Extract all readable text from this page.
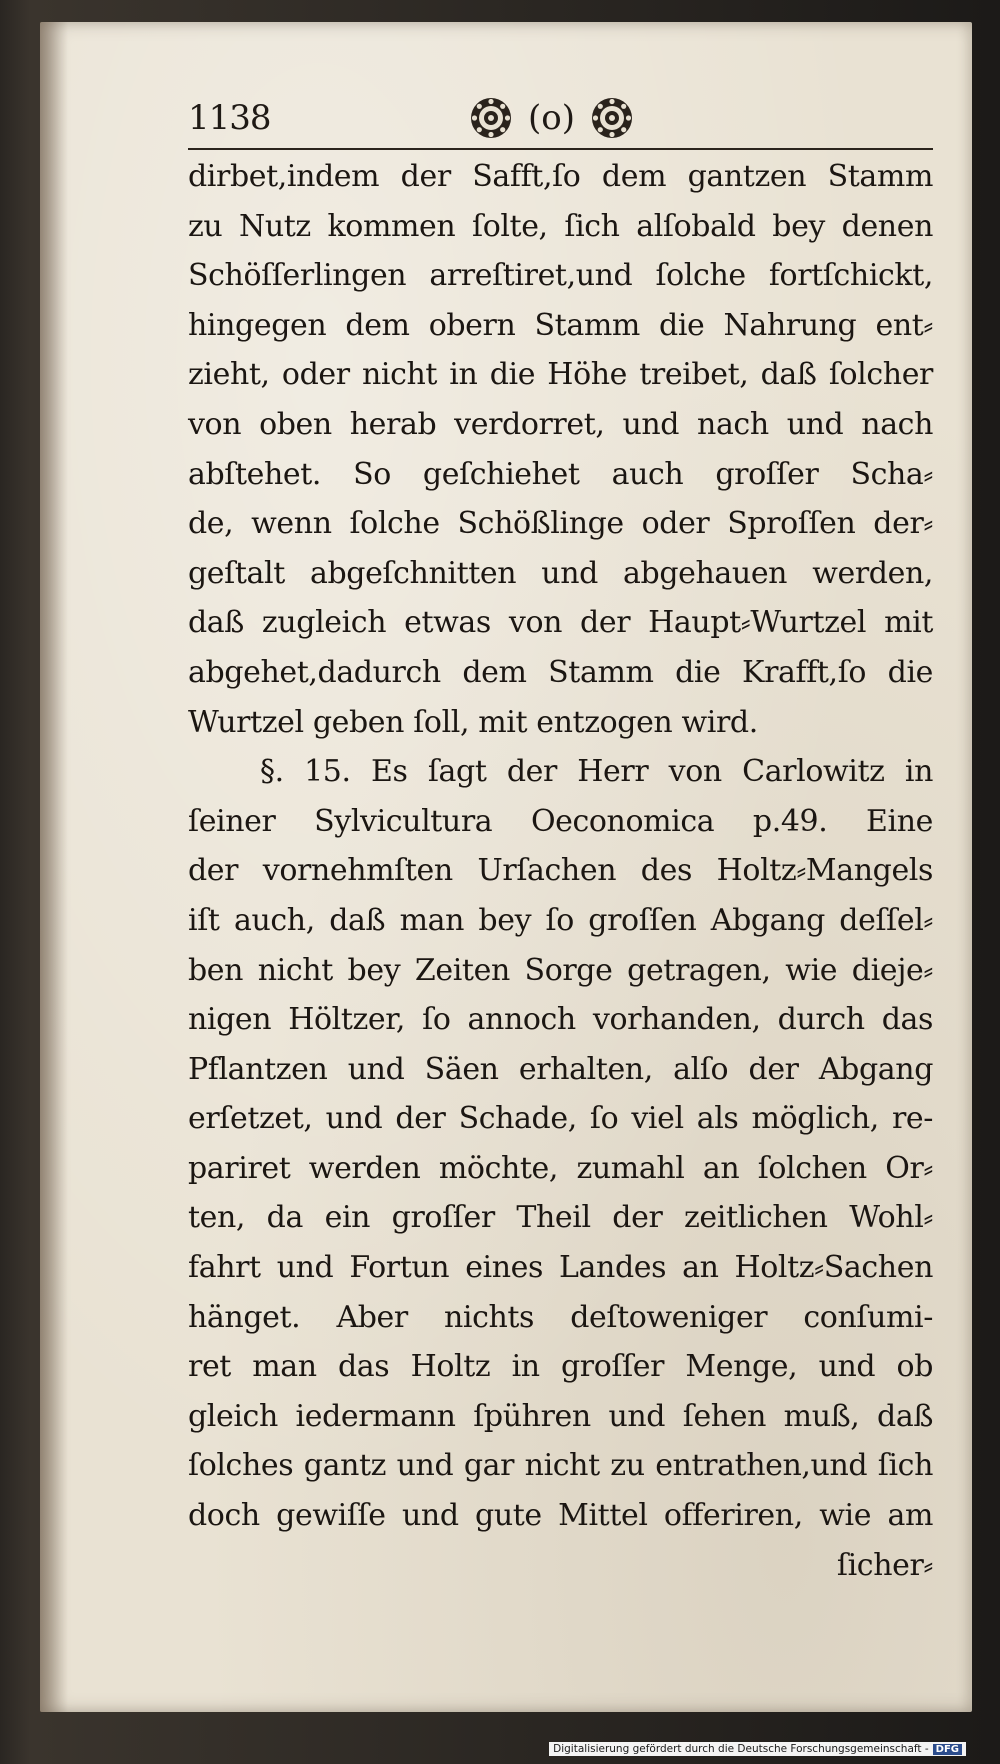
1138	(o)
dirbet,indem der Safft,ſo dem gantzen Stamm
zu Nutz kommen ſolte, ſich alſobald bey denen
Schöſſerlingen arreſtiret,und ſolche fortſchickt,
hingegen dem obern Stamm die Nahrung ent⸗
zieht, oder nicht in die Höhe treibet, daß ſolcher
von oben herab verdorret, und nach und nach
abſtehet. So geſchiehet auch groſſer Scha⸗
de, wenn ſolche Schößlinge oder Sproſſen der⸗
geſtalt abgeſchnitten und abgehauen werden,
daß zugleich etwas von der Haupt⸗Wurtzel mit
abgehet,dadurch dem Stamm die Krafft,ſo die
Wurtzel geben ſoll, mit entzogen wird.
§. 15. Es ſagt der Herr von Carlowitz in
ſeiner Sylvicultura Oeconomica p.49. Eine
der vornehmſten Urſachen des Holtz⸗Mangels
iſt auch, daß man bey ſo groſſen Abgang deſſel⸗
ben nicht bey Zeiten Sorge getragen, wie dieje⸗
nigen Höltzer, ſo annoch vorhanden, durch das
Pflantzen und Säen erhalten, alſo der Abgang
erſetzet, und der Schade, ſo viel als möglich, re-
pariret werden möchte, zumahl an ſolchen Or⸗
ten, da ein groſſer Theil der zeitlichen Wohl⸗
fahrt und Fortun eines Landes an Holtz⸗Sachen
hänget. Aber nichts deſtoweniger conſumi-
ret man das Holtz in groſſer Menge, und ob
gleich iedermann ſpühren und ſehen muß, daß
ſolches gantz und gar nicht zu entrathen,und ſich
doch gewiſſe und gute Mittel offeriren, wie am
ſicher⸗
Digitalisierung gefördert durch die Deutsche Forschungsgemeinschaft - DFG
